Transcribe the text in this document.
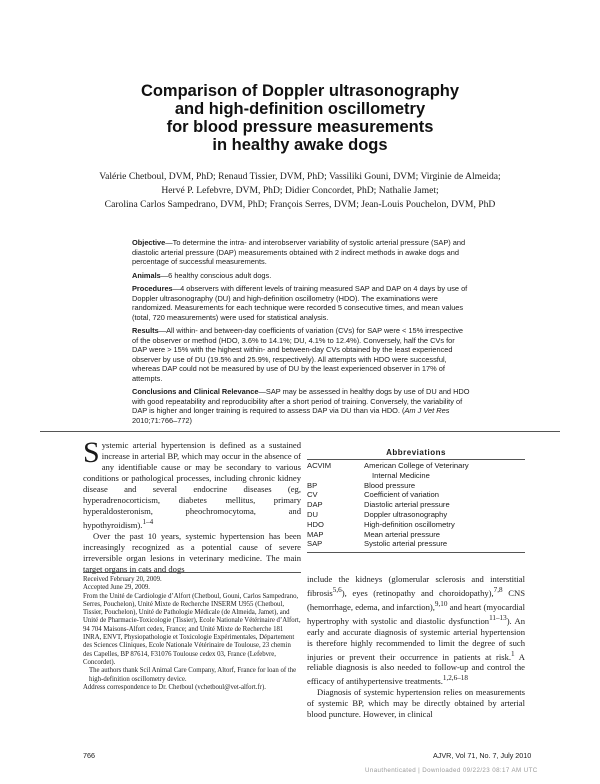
Comparison of Doppler ultrasonography
and high-definition oscillometry
for blood pressure measurements
in healthy awake dogs
Valérie Chetboul, DVM, PhD; Renaud Tissier, DVM, PhD; Vassiliki Gouni, DVM; Virginie de Almeida;
Hervé P. Lefebvre, DVM, PhD; Didier Concordet, PhD; Nathalie Jamet;
Carolina Carlos Sampedrano, DVM, PhD; François Serres, DVM; Jean-Louis Pouchelon, DVM, PhD

Objective—To determine the intra- and interobserver variability of systolic arterial pressure (SAP) and diastolic arterial pressure (DAP) measurements obtained with 2 indirect methods in awake dogs and percentage of successful measurements.

Animals—6 healthy conscious adult dogs.

Procedures—4 observers with different levels of training measured SAP and DAP on 4 days by use of Doppler ultrasonography (DU) and high-definition oscillometry (HDO). The examinations were randomized. Measurements for each technique were recorded 5 consecutive times, and mean values (total, 720 measurements) were used for statistical analysis.

Results—All within- and between-day coefficients of variation (CVs) for SAP were < 15% irrespective of the observer or method (HDO, 3.6% to 14.1%; DU, 4.1% to 12.4%). Conversely, half the CVs for DAP were > 15% with the highest within- and between-day CVs obtained by the least experienced observer by use of DU (19.5% and 25.9%, respectively). All attempts with HDO were successful, whereas DAP could not be measured by use of DU by the least experienced observer in 17% of attempts.

Conclusions and Clinical Relevance—SAP may be assessed in healthy dogs by use of DU and HDO with good repeatability and reproducibility after a short period of training. Conversely, the variability of DAP is higher and longer training is required to assess DAP via DU than via HDO. (Am J Vet Res 2010;71:766–772)

Systemic arterial hypertension is defined as a sustained increase in arterial BP, which may occur in the absence of any identifiable cause or may be secondary to various conditions or pathological processes, including chronic kidney disease and several endocrine diseases (eg, hyperadrenocorticism, diabetes mellitus, primary hyperaldosteronism, pheochromocytoma, and hypothyroidism).$^{1-4}$

Over the past 10 years, systemic hypertension has been increasingly recognized as a potential cause of severe irreversible organ lesions in veterinary medicine. The main target organs in cats and dogs

Abbreviations
ACVIM	American College of Veterinary
Internal Medicine
BP	Blood pressure
CV	Coefficient of variation
DAP	Diastolic arterial pressure
DU	Doppler ultrasonography
HDO	High-definition oscillometry
MAP	Mean arterial pressure
SAP	Systolic arterial pressure
Received February 20, 2009.
Accepted June 29, 2009.
From the Unité de Cardiologie d’Alfort (Chetboul, Gouni, Carlos Sampedrano, Serres, Pouchelon), Unité Mixte de Recherche INSERM U955 (Chetboul, Tissier, Pouchelon), Unité de Pathologie Médicale (de Almeida, Jamet), and Unité de Pharmacie-Toxicologie (Tissier), Ecole Nationale Vétérinaire d’Alfort, 94 704 Maisons-Alfort cedex, France; and Unité Mixte de Recherche 181 INRA, ENVT, Physiopathologie et Toxicologie Expérimentales, Département des Sciences Cliniques, Ecole Nationale Vétérinaire de Toulouse, 23 chemin des Capelles, BP 87614, F31076 Toulouse cedex 03, France (Lefebvre, Concordet).
The authors thank Scil Animal Care Company, Altorf, France for loan of the high-definition oscillometry device.
Address correspondence to Dr. Chetboul (vchetboul@vet-alfort.fr).

include the kidneys (glomerular sclerosis and interstitial fibrosis$^{5,6}$), eyes (retinopathy and choroidopathy),$^{7,8}$ CNS (hemorrhage, edema, and infarction),$^{9,10}$ and heart (myocardial hypertrophy with systolic and diastolic dysfunction$^{11-13}$). An early and accurate diagnosis of systemic arterial hypertension is therefore highly recommended to limit the degree of such injuries or prevent their occurrence in patients at risk.$^1$ A reliable diagnosis is also needed to follow-up and control the efficacy of antihypertensive treatments.$^{1,2,6-18}$

Diagnosis of systemic hypertension relies on measurements of systemic BP, which may be directly obtained by arterial blood puncture. However, in clinical

766	AJVR, Vol 71, No. 7, July 2010
Unauthenticated | Downloaded 09/22/23 08:17 AM UTC
